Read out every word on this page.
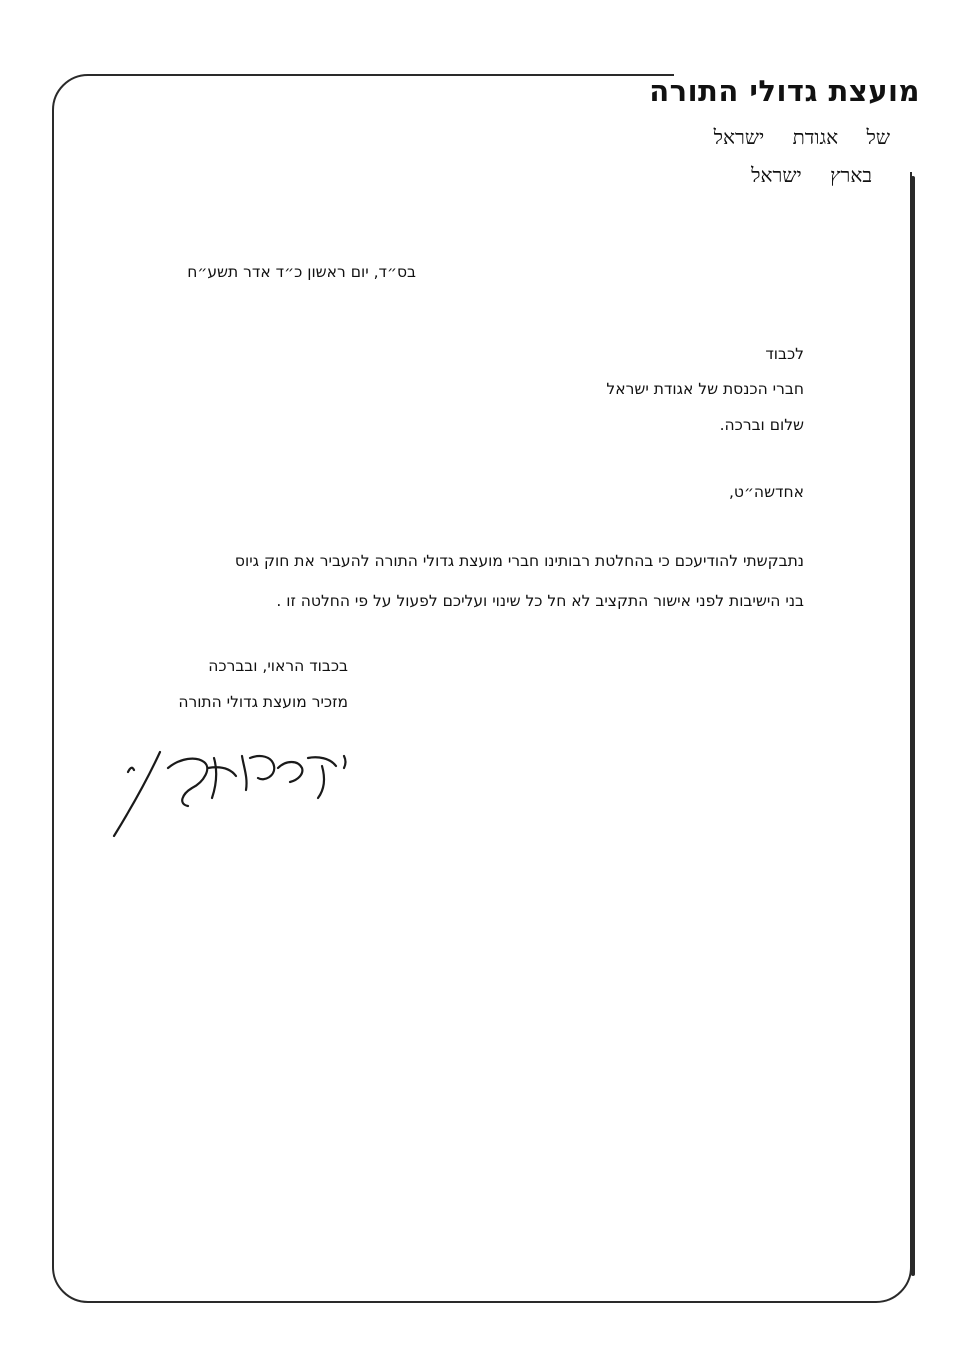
מועצת גדולי התורה
של אגודת ישראל
בארץ ישראל
בס״ד, יום ראשון כ״ד אדר תשע״ח
לכבוד
חברי הכנסת של אגודת ישראל
שלום וברכה.
אחדשה״ט,
נתבקשתי להודיעכם כי בהחלטת רבותינו חברי מועצת גדולי התורה להעביר את חוק גיוס
בני הישיבות לפני אישור התקציב לא חל כל שינוי ועליכם לפעול על פי החלטה זו .
בכבוד הראוי, ובברכה
מזכיר מועצת גדולי התורה
